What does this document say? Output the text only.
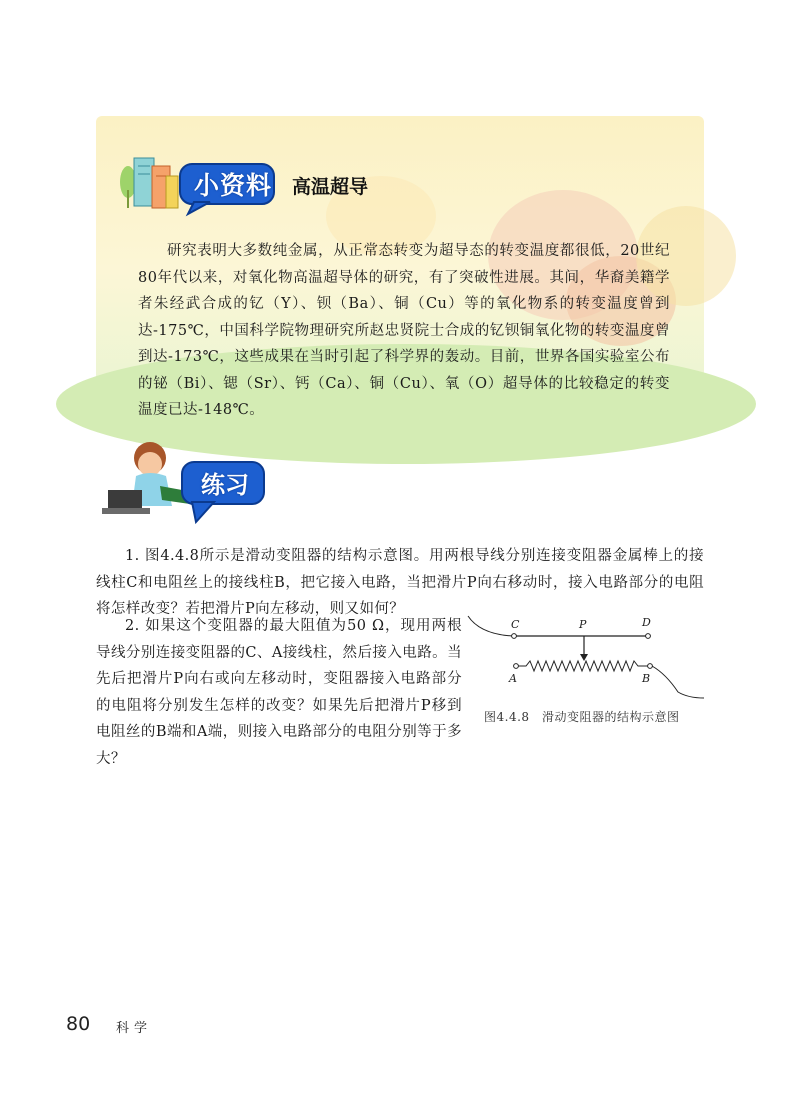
小资料	高温超导
研究表明大多数纯金属，从正常态转变为超导态的转变温度都很低，20世纪80年代以来，对氧化物高温超导体的研究，有了突破性进展。其间，华裔美籍学者朱经武合成的钇（Y）、钡（Ba）、铜（Cu）等的氧化物系的转变温度曾到达-175℃，中国科学院物理研究所赵忠贤院士合成的钇钡铜氧化物的转变温度曾到达-173℃，这些成果在当时引起了科学界的轰动。目前，世界各国实验室公布的铋（Bi）、锶（Sr）、钙（Ca）、铜（Cu）、氧（O）超导体的比较稳定的转变温度已达-148℃。
练习
1. 图4.4.8所示是滑动变阻器的结构示意图。用两根导线分别连接变阻器金属棒上的接线柱C和电阻丝上的接线柱B，把它接入电路，当把滑片P向右移动时，接入电路部分的电阻将怎样改变？若把滑片P向左移动，则又如何？
2. 如果这个变阻器的最大阻值为50 Ω，现用两根导线分别连接变阻器的C、A接线柱，然后接入电路。当先后把滑片P向右或向左移动时，变阻器接入电路部分的电阻将分别发生怎样的改变？如果先后把滑片P移到电阻丝的B端和A端，则接入电路部分的电阻分别等于多大？
C	P	D
A	B
图4.4.8　滑动变阻器的结构示意图
80 科学
